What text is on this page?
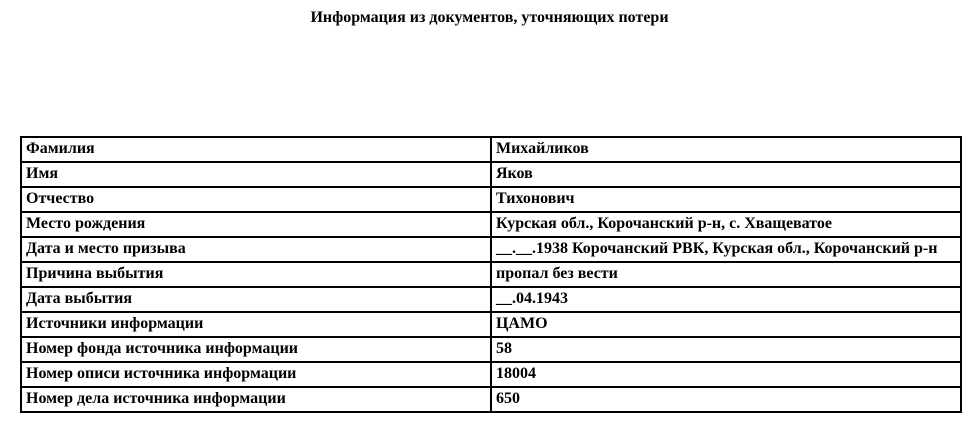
Информация из документов, уточняющих потери
Фамилия	Михайликов
Имя	Яков
Отчество	Тихонович
Место рождения	Курская обл., Корочанский р-н, с. Хващеватое
Дата и место призыва	__.__.1938 Корочанский РВК, Курская обл., Корочанский р-н
Причина выбытия	пропал без вести
Дата выбытия	__.04.1943
Источники информации	ЦАМО
Номер фонда источника информации	58
Номер описи источника информации	18004
Номер дела источника информации	650
